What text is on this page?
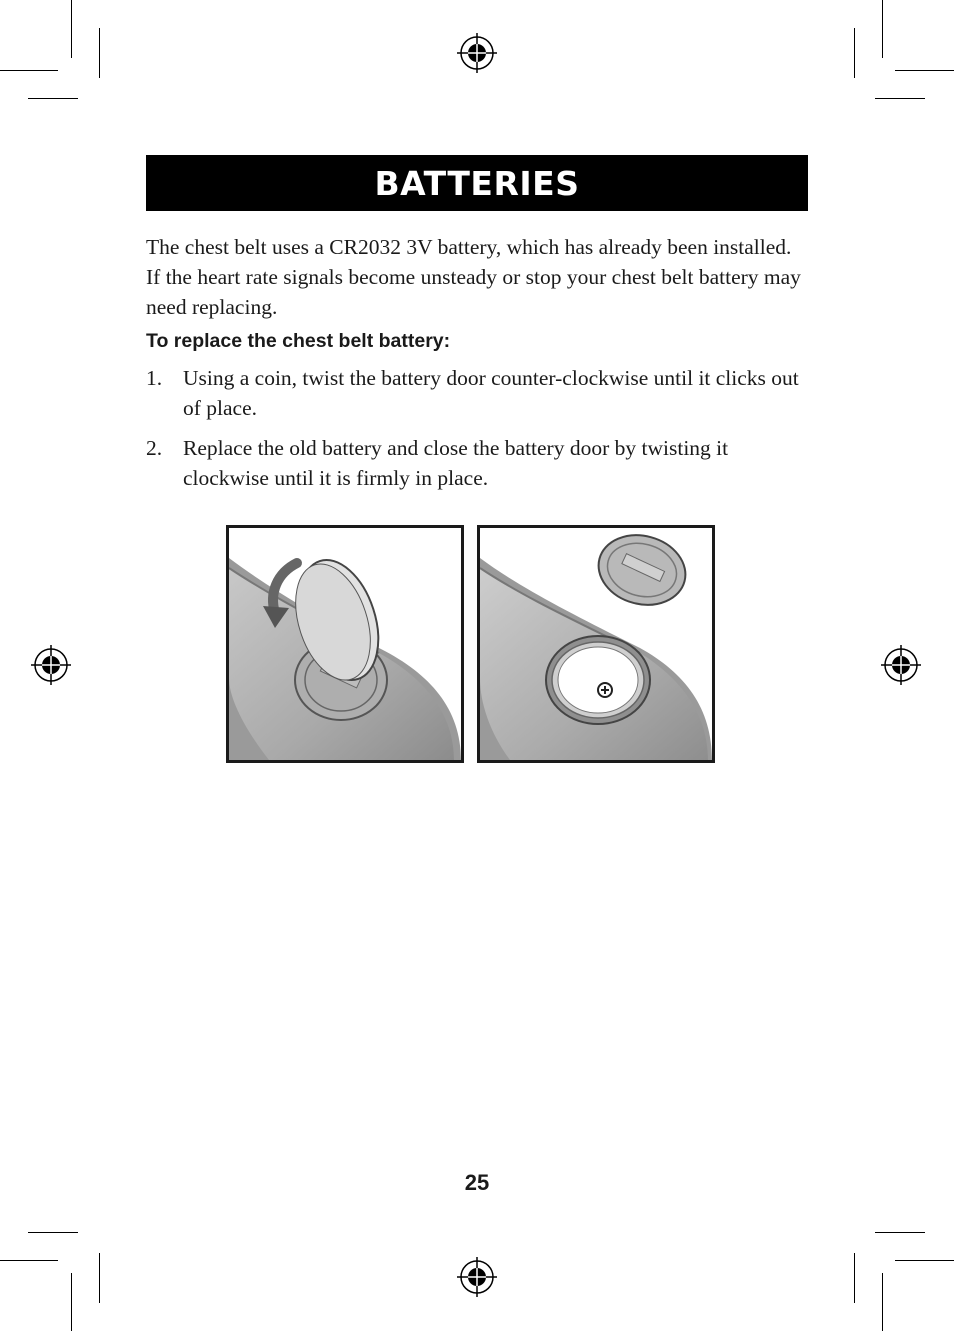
BATTERIES

The chest belt uses a CR2032 3V battery, which has already been installed. If the heart rate signals become unsteady or stop your chest belt battery may need replacing.

To replace the chest belt battery:

1. Using a coin, twist the battery door counter-clockwise until it clicks out of place.
2. Replace the old battery and close the battery door by twisting it clockwise until it is firmly in place.
25
